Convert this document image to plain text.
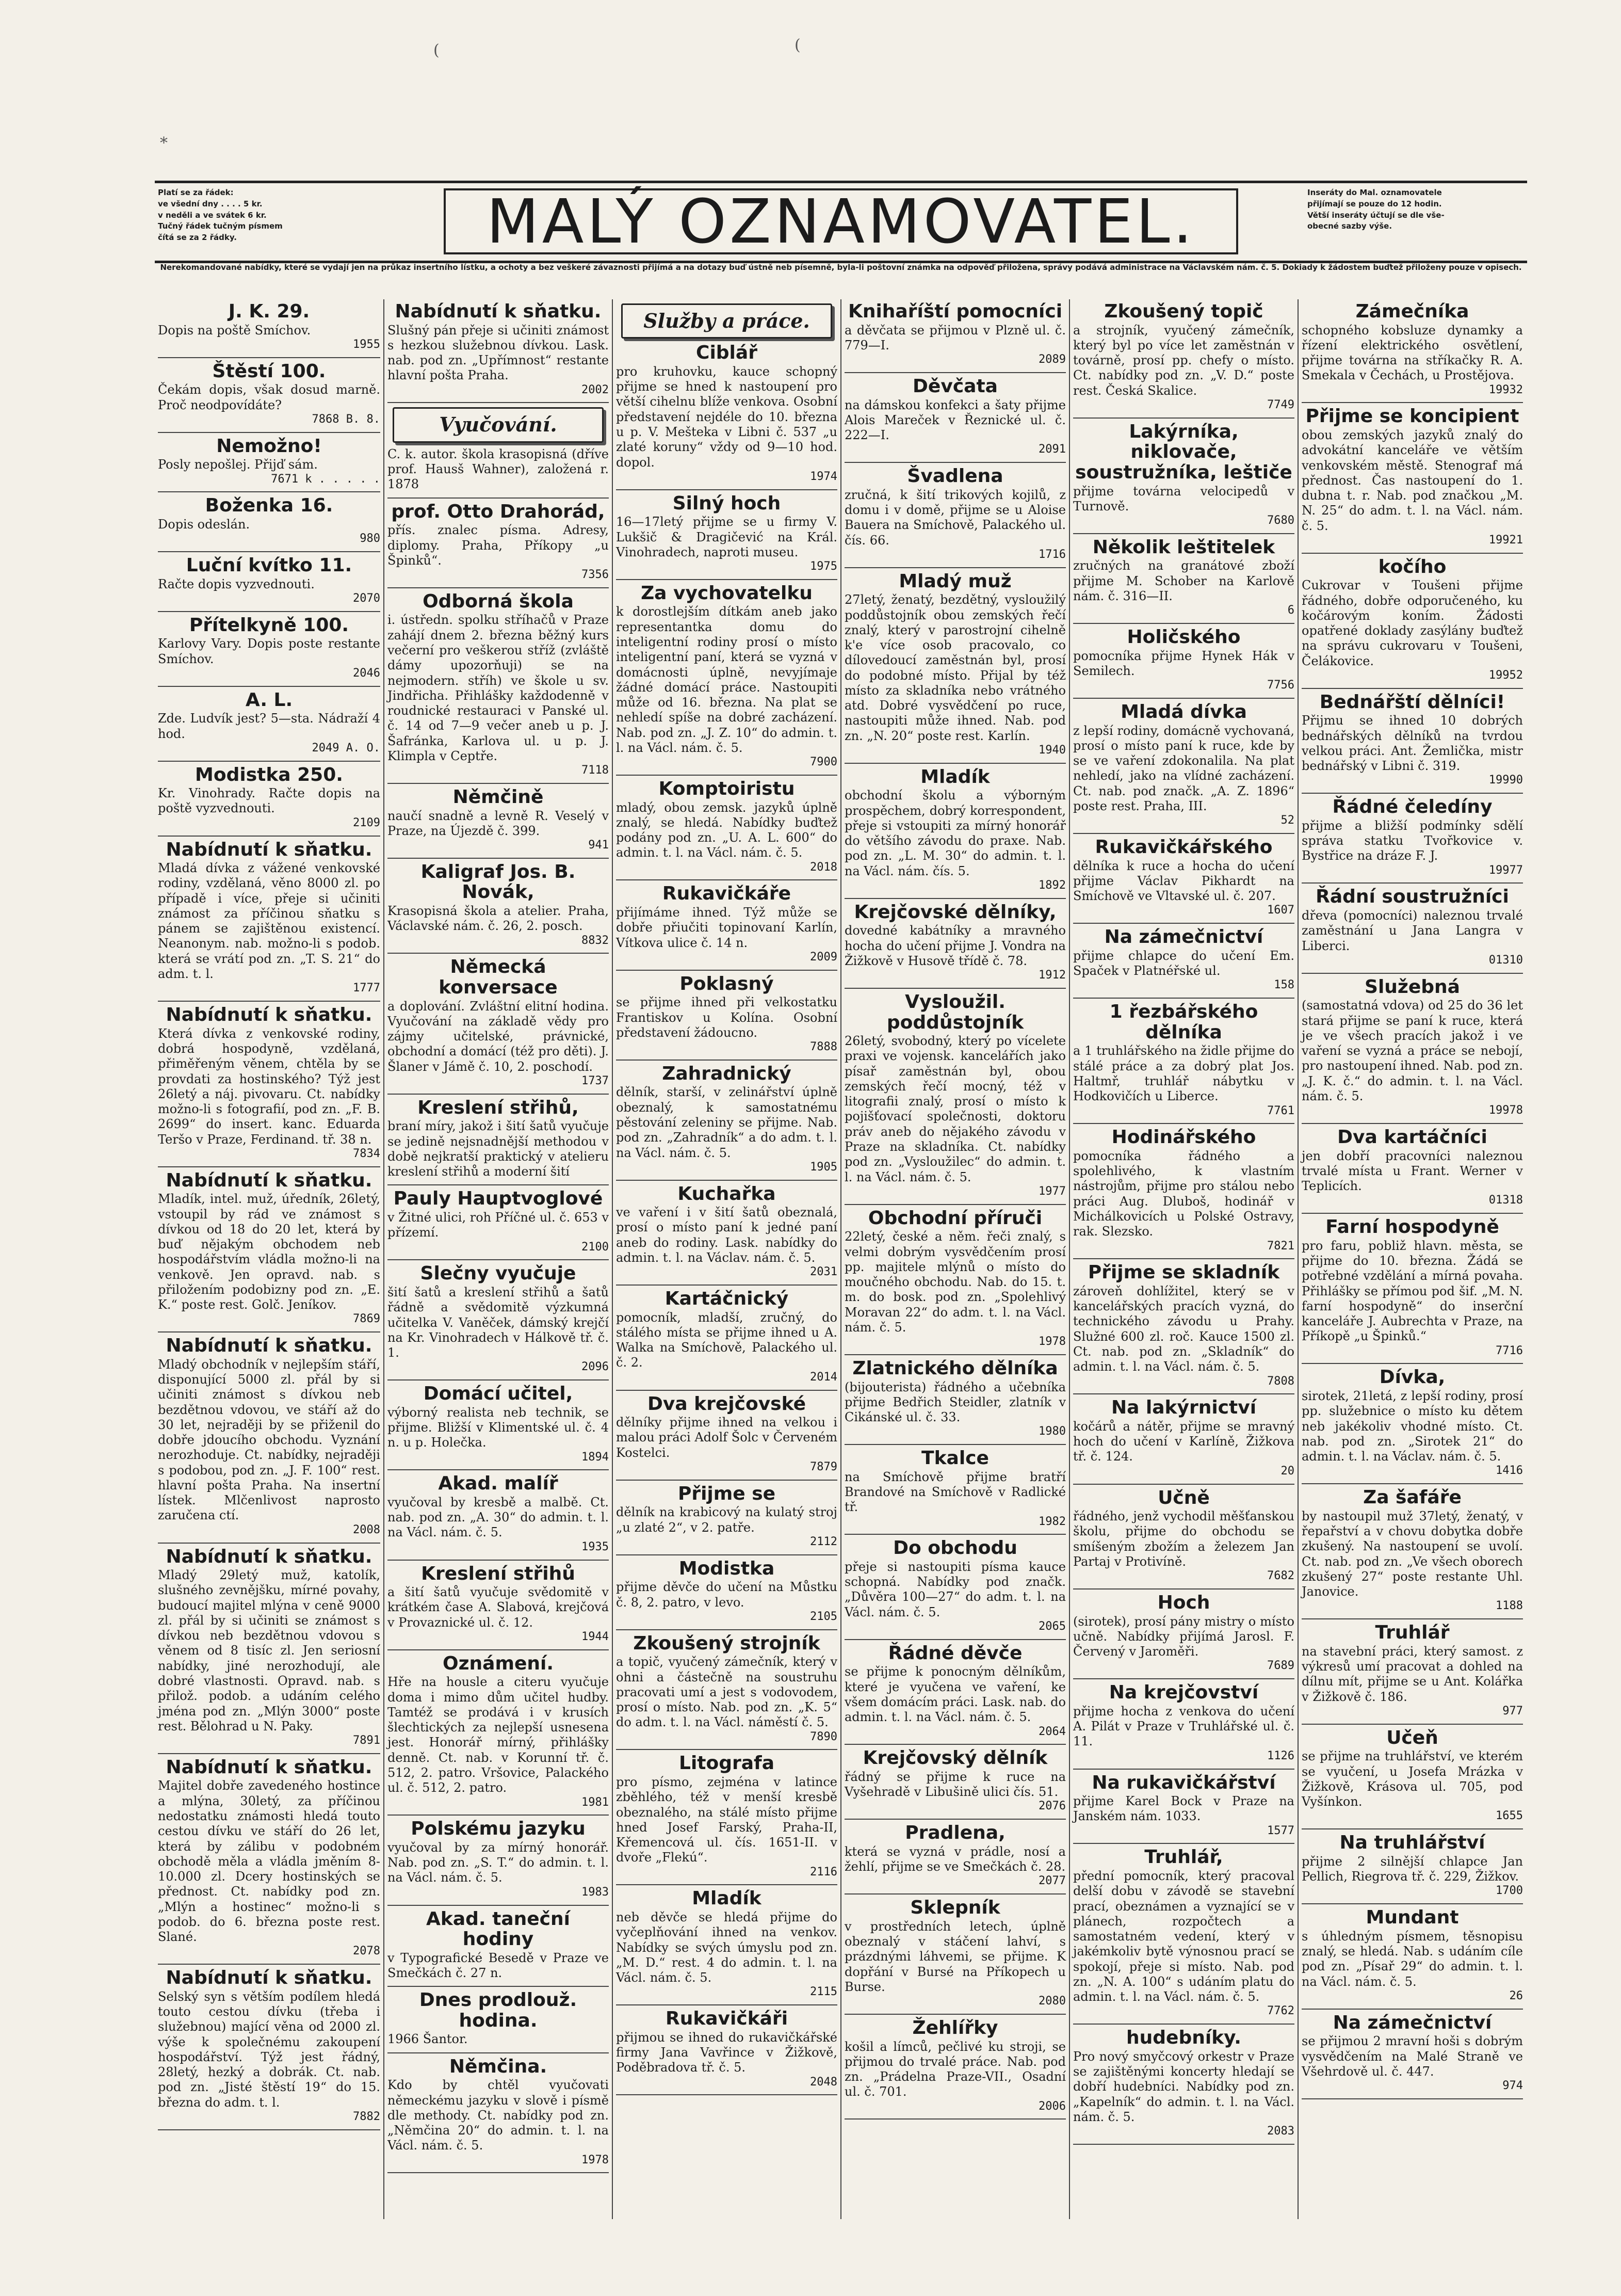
(	(
*
Platí se za řádek:
ve všední dny . . . . 5 kr.
v neděli a ve svátek 6 kr.
Tučný řádek tučným písmem
čítá se za 2 řádky.	MALÝ OZNAMOVATEL.	Inseráty do Mal. oznamovatele
přijímají se pouze do 12 hodin.
Větší inseráty účtují se dle vše-
obecné sazby výše.
Nerekomandované nabídky, které se vydají jen na průkaz insertního lístku, a ochoty a bez veškeré závaznosti přijímá a na dotazy buď ústně neb písemně, byla-li poštovní známka na odpověď přiložena, správy podává administrace na Václavském nám. č. 5. Dokiady k žádostem buďtež přiloženy pouze v opisech.
J. K. 29.
Dopis na poště Smíchov.
1955
Štěstí 100.
Čekám dopis, však dosud marně. Proč neodpovídáte?
7868 B. 8.
Nemožno!
Posly nepošlej. Přijď sám.
7671 k . . . . .
Boženka 16.
Dopis odeslán.
980
Luční kvítko 11.
Račte dopis vyzvednouti.
2070
Přítelkyně 100.
Karlovy Vary. Dopis poste restante Smíchov.
2046
A. L.
Zde. Ludvík jest? 5—sta. Nádraží 4 hod.
2049 A. O.
Modistka 250.
Kr. Vinohrady. Račte dopis na poště vyzvednouti.
2109
Nabídnutí k sňatku.
Mladá dívka z vážené venkovské rodiny, vzdělaná, věno 8000 zl. po případě i více, přeje si učiniti známost za příčinou sňatku s pánem se zajištěnou existencí. Neanonym. nab. možno-li s podob. která se vrátí pod zn. „T. S. 21“ do adm. t. l.
1777
Nabídnutí k sňatku.
Která dívka z venkovské rodiny, dobrá hospodyně, vzdělaná, přiměřeným věnem, chtěla by se provdati za hostinského? Týž jest 26letý a náj. pivovaru. Ct. nabídky možno-li s fotografií, pod zn. „F. B. 2699“ do insert. kanc. Eduarda Teršo v Praze, Ferdinand. tř. 38 n.
7834
Nabídnutí k sňatku.
Mladík, intel. muž, úředník, 26letý, vstoupil by rád ve známost s dívkou od 18 do 20 let, která by buď nějakým obchodem neb hospodářstvím vládla možno-li na venkově. Jen opravd. nab. s přiložením podobizny pod zn. „E. K.“ poste rest. Golč. Jeníkov.
7869
Nabídnutí k sňatku.
Mladý obchodník v nejlepším stáří, disponující 5000 zl. přál by si učiniti známost s dívkou neb bezdětnou vdovou, ve stáří až do 30 let, nejraději by se přiženil do dobře jdoucího obchodu. Vyznání nerozhoduje. Ct. nabídky, nejraději s podobou, pod zn. „J. F. 100“ rest. hlavní pošta Praha. Na insertní lístek. Mlčenlivost naprosto zaručena ctí.
2008
Nabídnutí k sňatku.
Mladý 29letý muž, katolík, slušného zevnějšku, mírné povahy, budoucí majitel mlýna v ceně 9000 zl. přál by si učiniti se známost s dívkou neb bezdětnou vdovou s věnem od 8 tisíc zl. Jen seriosní nabídky, jiné nerozhodují, ale dobré vlastnosti. Opravd. nab. s přilož. podob. a udáním celého jména pod zn. „Mlýn 3000“ poste rest. Bělohrad u N. Paky.
7891
Nabídnutí k sňatku.
Majitel dobře zavedeného hostince a mlýna, 30letý, za příčinou nedostatku známosti hledá touto cestou dívku ve stáří do 26 let, která by zálibu v podobném obchodě měla a vládla jměním 8-10.000 zl. Dcery hostinských se přednost. Ct. nabídky pod zn. „Mlýn a hostinec“ možno-li s podob. do 6. března poste rest. Slané.
2078
Nabídnutí k sňatku.
Selský syn s větším podílem hledá touto cestou dívku (třeba i služebnou) mající věna od 2000 zl. výše k společnému zakoupení hospodářství. Týž jest řádný, 28letý, hezký a dobrák. Ct. nab. pod zn. „Jisté štěstí 19“ do 15. března do adm. t. l.
7882
Nabídnutí k sňatku.
Slušný pán přeje si učiniti známost s hezkou služebnou dívkou. Lask. nab. pod zn. „Upřímnost“ restante hlavní pošta Praha.
2002
Vyučování.
C. k. autor. škola krasopisná (dříve prof. Hausš Wahner), založená r. 1878
prof. Otto Drahorád,
přís. znalec písma. Adresy, diplomy. Praha, Příkopy „u Špinků“.
7356
Odborná škola
i. ústředn. spolku stříhačů v Praze zahájí dnem 2. března běžný kurs večerní pro veškerou stříž (zvláště dámy upozorňuji) se na nejmodern. stříh) ve škole u sv. Jindřicha. Přihlášky každodenně v roudnické restauraci v Panské ul. č. 14 od 7—9 večer aneb u p. J. Šafránka, Karlova ul. u p. J. Klimpla v Ceptře.
7118
Němčině
naučí snadně a levně R. Veselý v Praze, na Újezdě č. 399.
941
Kaligraf Jos. B. Novák,
Krasopisná škola a atelier. Praha, Václavské nám. č. 26, 2. posch.
8832
Německá konversace
a doplování. Zvláštní elitní hodina. Vyučování na základě vědy pro zájmy učitelské, právnické, obchodní a domácí (též pro děti). J. Šlaner v Jámě č. 10, 2. poschodí.
1737
Kreslení střihů,
braní míry, jakož i šití šatů vyučuje se jedině nejsnadnější methodou v době nejkratší praktický v atelieru kreslení střihů a moderní šití
Pauly Hauptvoglové
v Žitné ulici, roh Příčné ul. č. 653 v přízemí.
2100
Slečny vyučuje
šití šatů a kreslení střihů a šatů řádně a svědomitě výzkumná učitelka V. Vaněček, dámský krejčí na Kr. Vinohradech v Hálkově tř. č. 1.
2096
Domácí učitel,
výborný realista neb technik, se přijme. Bližší v Klimentské ul. č. 4 n. u p. Holečka.
1894
Akad. malíř
vyučoval by kresbě a malbě. Ct. nab. pod zn. „A. 30“ do admin. t. l. na Václ. nám. č. 5.
1935
Kreslení střihů
a šití šatů vyučuje svědomitě v krátkém čase A. Slabová, krejčová v Provaznické ul. č. 12.
1944
Oznámení.
Hře na housle a citeru vyučuje doma i mimo dům učitel hudby. Tamtéž se prodává i v krusích šlechtických za nejlepší usnesena jest. Honorář mírný, přihlášky denně. Ct. nab. v Korunní tř. č. 512, 2. patro. Vršovice, Palackého ul. č. 512, 2. patro.
1981
Polskému jazyku
vyučoval by za mírný honorář. Nab. pod zn. „S. T.“ do admin. t. l. na Václ. nám. č. 5.
1983
Akad. taneční hodiny
v Typografické Besedě v Praze ve Smečkách č. 27 n.
Dnes prodlouž. hodina.
1966 Šantor.
Němčina.
Kdo by chtěl vyučovati německému jazyku v slově i písmě dle methody. Ct. nabídky pod zn. „Němčina 20“ do admin. t. l. na Václ. nám. č. 5.
1978
Služby a práce.
Ciblář
pro kruhovku, kauce schopný přijme se hned k nastoupení pro větší cihelnu blíže venkova. Osobní představení nejdéle do 10. března u p. V. Mešteka v Libni č. 537 „u zlaté koruny“ vždy od 9—10 hod. dopol.
1974
Silný hoch
16—17letý přijme se u firmy V. Lukšič & Dragičević na Král. Vinohradech, naproti museu.
1975
Za vychovatelku
k dorostlejším dítkám aneb jako representantka domu do inteligentní rodiny prosí o místo inteligentní paní, která se vyzná v domácnosti úplně, nevyjímaje žádné domácí práce. Nastoupiti může od 16. března. Na plat se nehledí spíše na dobré zacházení. Nab. pod zn. „J. Z. 10“ do admin. t. l. na Václ. nám. č. 5.
7900
Komptoiristu
mladý, obou zemsk. jazyků úplně znalý, se hledá. Nabídky buďtež podány pod zn. „U. A. L. 600“ do admin. t. l. na Václ. nám. č. 5.
2018
Rukavičkáře
přijímáme ihned. Týž může se dobře přiučiti topinovaní Karlín, Vítkova ulice č. 14 n.
2009
Poklasný
se přijme ihned při velkostatku Frantiskov u Kolína. Osobní představení žádoucno.
7888
Zahradnický
dělník, starší, v zelinářství úplně obeznalý, k samostatnému pěstování zeleniny se přijme. Nab. pod zn. „Zahradník“ a do adm. t. l. na Václ. nám. č. 5.
1905
Kuchařka
ve vaření i v šití šatů obeznalá, prosí o místo paní k jedné paní aneb do rodiny. Lask. nabídky do admin. t. l. na Václav. nám. č. 5.
2031
Kartáčnický
pomocník, mladší, zručný, do stálého místa se přijme ihned u A. Walka na Smíchově, Palackého ul. č. 2.
2014
Dva krejčovské
dělníky přijme ihned na velkou i malou práci Adolf Šolc v Červeném Kostelci.
7879
Přijme se
dělník na krabicový na kulatý stroj „u zlaté 2“, v 2. patře.
2112
Modistka
přijme děvče do učení na Můstku č. 8, 2. patro, v levo.
2105
Zkoušený strojník
a topič, vyučený zámečník, který v ohni a částečně na soustruhu pracovati umí a jest s vodovodem, prosí o místo. Nab. pod zn. „K. 5“ do adm. t. l. na Václ. náměstí č. 5.
7890
Litografa
pro písmo, zejména v latince zběhlého, též v menší kresbě obeznalého, na stálé místo přijme hned Josef Farský, Praha-II, Křemencová ul. čís. 1651-II. v dvoře „Flekú“.
2116
Mladík
neb děvče se hledá přijme do vyčeplňování ihned na venkov. Nabídky se svých úmyslu pod zn. „M. D.“ rest. 4 do admin. t. l. na Václ. nám. č. 5.
2115
Rukavičkáři
přijmou se ihned do rukavičkářské firmy Jana Vavřince v Žižkově, Poděbradova tř. č. 5.
2048
Knihaříští pomocníci
a děvčata se přijmou v Plzně ul. č. 779—I.
2089
Děvčata
na dámskou konfekci a šaty přijme Alois Mareček v Řeznické ul. č. 222—I.
2091
Švadlena
zručná, k šití trikových kojilů, z domu i v domě, přijme se u Aloise Bauera na Smíchově, Palackého ul. čís. 66.
1716
Mladý muž
27letý, ženatý, bezdětný, vysloužilý poddůstojník obou zemských řečí znalý, který v parostrojní cihelně k'e více osob pracovalo, co dílovedoucí zaměstnán byl, prosí do podobné místo. Přijal by též místo za skladníka nebo vrátného atd. Dobré vysvědčení po ruce, nastoupiti může ihned. Nab. pod zn. „N. 20“ poste rest. Karlín.
1940
Mladík
obchodní školu a výborným prospěchem, dobrý korrespondent, přeje si vstoupiti za mírný honorář do většího závodu do praxe. Nab. pod zn. „L. M. 30“ do admin. t. l. na Václ. nám. čís. 5.
1892
Krejčovské dělníky,
dovedné kabátníky a mravného hocha do učení přijme J. Vondra na Žižkově v Husově třídě č. 78.
1912
Vysloužil. poddůstojník
26letý, svobodný, který po vícelete praxi ve vojensk. kancelářích jako písař zaměstnán byl, obou zemských řečí mocný, též v litografii znalý, prosí o místo k pojišťovací společnosti, doktoru práv aneb do nějakého závodu v Praze na skladníka. Ct. nabídky pod zn. „Vysloužilec“ do admin. t. l. na Václ. nám. č. 5.
1977
Obchodní příruči
22letý, české a něm. řeči znalý, s velmi dobrým vysvědčením prosí pp. majitele mlýnů o místo do moučného obchodu. Nab. do 15. t. m. do bosk. pod zn. „Spolehlivý Moravan 22“ do adm. t. l. na Václ. nám. č. 5.
1978
Zlatnického dělníka
(bijouterista) řádného a učebníka přijme Bedřich Steidler, zlatník v Cikánské ul. č. 33.
1980
Tkalce
na Smíchově přijme bratří Brandové na Smíchově v Radlické tř.
1982
Do obchodu
přeje si nastoupiti písma kauce schopná. Nabídky pod značk. „Důvěra 100—27“ do adm. t. l. na Václ. nám. č. 5.
2065
Řádné děvče
se přijme k ponocným dělníkům, které je vyučena ve vaření, ke všem domácím práci. Lask. nab. do admin. t. l. na Václ. nám. č. 5.
2064
Krejčovský dělník
řádný se přijme k ruce na Vyšehradě v Libušině ulici čís. 51.
2076
Pradlena,
která se vyzná v prádle, nosí a žehlí, přijme se ve Smečkách č. 28.
2077
Sklepník
v prostředních letech, úplně obeznalý v stáčení lahví, s prázdnými láhvemi, se přijme. K dopřání v Bursé na Příkopech u Burse.
2080
Žehlířky
košil a límců, pečlivé ku stroji, se přijmou do trvalé práce. Nab. pod zn. „Prádelna Praze-VII., Osadní ul. č. 701.
2006
Zkoušený topič
a strojník, vyučený zámečník, který byl po více let zaměstnán v továrně, prosí pp. chefy o místo. Ct. nabídky pod zn. „V. D.“ poste rest. Česká Skalice.
7749
Lakýrníka, niklovače, soustružníka, leštiče
přijme továrna velocipedů v Turnově.
7680
Několik leštitelek
zručných na granátové zboží přijme M. Schober na Karlově nám. č. 316—II.
6
Holičského
pomocníka přijme Hynek Hák v Semilech.
7756
Mladá dívka
z lepší rodiny, domácně vychovaná, prosí o místo paní k ruce, kde by se ve vaření zdokonalila. Na plat nehledí, jako na vlídné zacházení. Ct. nab. pod značk. „A. Z. 1896“ poste rest. Praha, III.
52
Rukavičkářského
dělníka k ruce a hocha do učení přijme Václav Pikhardt na Smíchově ve Vltavské ul. č. 207.
1607
Na zámečnictví
přijme chlapce do učení Em. Spaček v Platnéřské ul.
158
1 řezbářského dělníka
a 1 truhlářského na židle přijme do stálé práce a za dobrý plat Jos. Haltmř, truhlář nábytku v Hodkovičích u Liberce.
7761
Hodinářského
pomocníka řádného a spolehlivého, k vlastním nástrojům, přijme pro stálou nebo práci Aug. Dluboš, hodinář v Michálkovicích u Polské Ostravy, rak. Slezsko.
7821
Přijme se skladník
zároveň dohlížitel, který se v kancelářských pracích vyzná, do technického závodu u Prahy. Služné 600 zl. roč. Kauce 1500 zl. Ct. nab. pod zn. „Skladník“ do admin. t. l. na Václ. nám. č. 5.
7808
Na lakýrnictví
kočárů a nátěr, přijme se mravný hoch do učení v Karlíně, Žižkova tř. č. 124.
20
Učně
řádného, jenž vychodil měšťanskou školu, přijme do obchodu se smíšeným zbožím a železem Jan Partaj v Protivíně.
7682
Hoch
(sirotek), prosí pány mistry o místo učně. Nabídky přijímá Jarosl. F. Červený v Jaroměři.
7689
Na krejčovství
přijme hocha z venkova do učení A. Pilát v Praze v Truhlářské ul. č. 11.
1126
Na rukavičkářství
přijme Karel Bock v Praze na Janském nám. 1033.
1577
Truhlář,
přední pomocník, který pracoval delší dobu v závodě se stavební prací, obeznámen a vyznající se v plánech, rozpočtech a samostatném vedení, který v jakémkoliv bytě výnosnou prací se spokojí, přeje si místo. Nab. pod zn. „N. A. 100“ s udáním platu do admin. t. l. na Václ. nám. č. 5.
7762
hudebníky.
Pro nový smyčcový orkestr v Praze se zajištěnými koncerty hledají se dobří hudebníci. Nabídky pod zn. „Kapelník“ do admin. t. l. na Václ. nám. č. 5.
2083
Zámečníka
schopného kobsluze dynamky a řízení elektrického osvětlení, přijme továrna na stříkačky R. A. Smekala v Čechách, u Prostějova.
19932
Přijme se koncipient
obou zemských jazyků znalý do advokátní kanceláře ve větším venkovském městě. Stenograf má přednost. Čas nastoupení do 1. dubna t. r. Nab. pod značkou „M. N. 25“ do adm. t. l. na Václ. nám. č. 5.
19921
kočího
Cukrovar v Toušeni přijme řádného, dobře odporučeného, ku kočárovým koním. Žádosti opatřené doklady zasýlány buďtež na správu cukrovaru v Toušeni, Čelákovice.
19952
Bednářští dělníci!
Přijmu se ihned 10 dobrých bednářských dělníků na tvrdou velkou práci. Ant. Žemlička, mistr bednářský v Libni č. 319.
19990
Řádné čeledíny
přijme a bližší podmínky sdělí správa statku Tvořkovice v. Bystřice na dráze F. J.
19977
Řádní soustružníci
dřeva (pomocníci) naleznou trvalé zaměstnání u Jana Langra v Liberci.
01310
Služebná
(samostatná vdova) od 25 do 36 let stará přijme se paní k ruce, která je ve všech pracích jakož i ve vaření se vyzná a práce se nebojí, pro nastoupení ihned. Nab. pod zn. „J. K. č.“ do admin. t. l. na Václ. nám. č. 5.
19978
Dva kartáčníci
jen dobří pracovníci naleznou trvalé místa u Frant. Werner v Teplicích.
01318
Farní hospodyně
pro faru, pobliž hlavn. města, se přijme do 10. března. Žádá se potřebné vzdělání a mírná povaha. Přihlášky se přímou pod šif. „M. N. farní hospodyně“ do inserční kanceláře J. Aubrechta v Praze, na Příkopě „u Špinků.“
7716
Dívka,
sirotek, 21letá, z lepší rodiny, prosí pp. služebnice o místo ku dětem neb jakékoliv vhodné místo. Ct. nab. pod zn. „Sirotek 21“ do admin. t. l. na Václav. nám. č. 5.
1416
Za šafáře
by nastoupil muž 37letý, ženatý, v řepařství a v chovu dobytka dobře zkušený. Na nastoupení se uvolí. Ct. nab. pod zn. „Ve všech oborech zkušený 27“ poste restante Uhl. Janovice.
1188
Truhlář
na stavební práci, který samost. z výkresů umí pracovat a dohled na dílnu mít, přijme se u Ant. Kolářka v Žižkově č. 186.
977
Učeň
se přijme na truhlářství, ve kterém se vyučení, u Josefa Mrázka v Žižkově, Krásova ul. 705, pod Vyšínkon.
1655
Na truhlářství
přijme 2 silnější chlapce Jan Pellich, Riegrova tř. č. 229, Žižkov.
1700
Mundant
s úhledným písmem, těsnopisu znalý, se hledá. Nab. s udáním cíle pod zn. „Písař 29“ do admin. t. l. na Václ. nám. č. 5.
26
Na zámečnictví
se přijmou 2 mravní hoši s dobrým vysvědčením na Malé Straně ve Všehrdově ul. č. 447.
974
